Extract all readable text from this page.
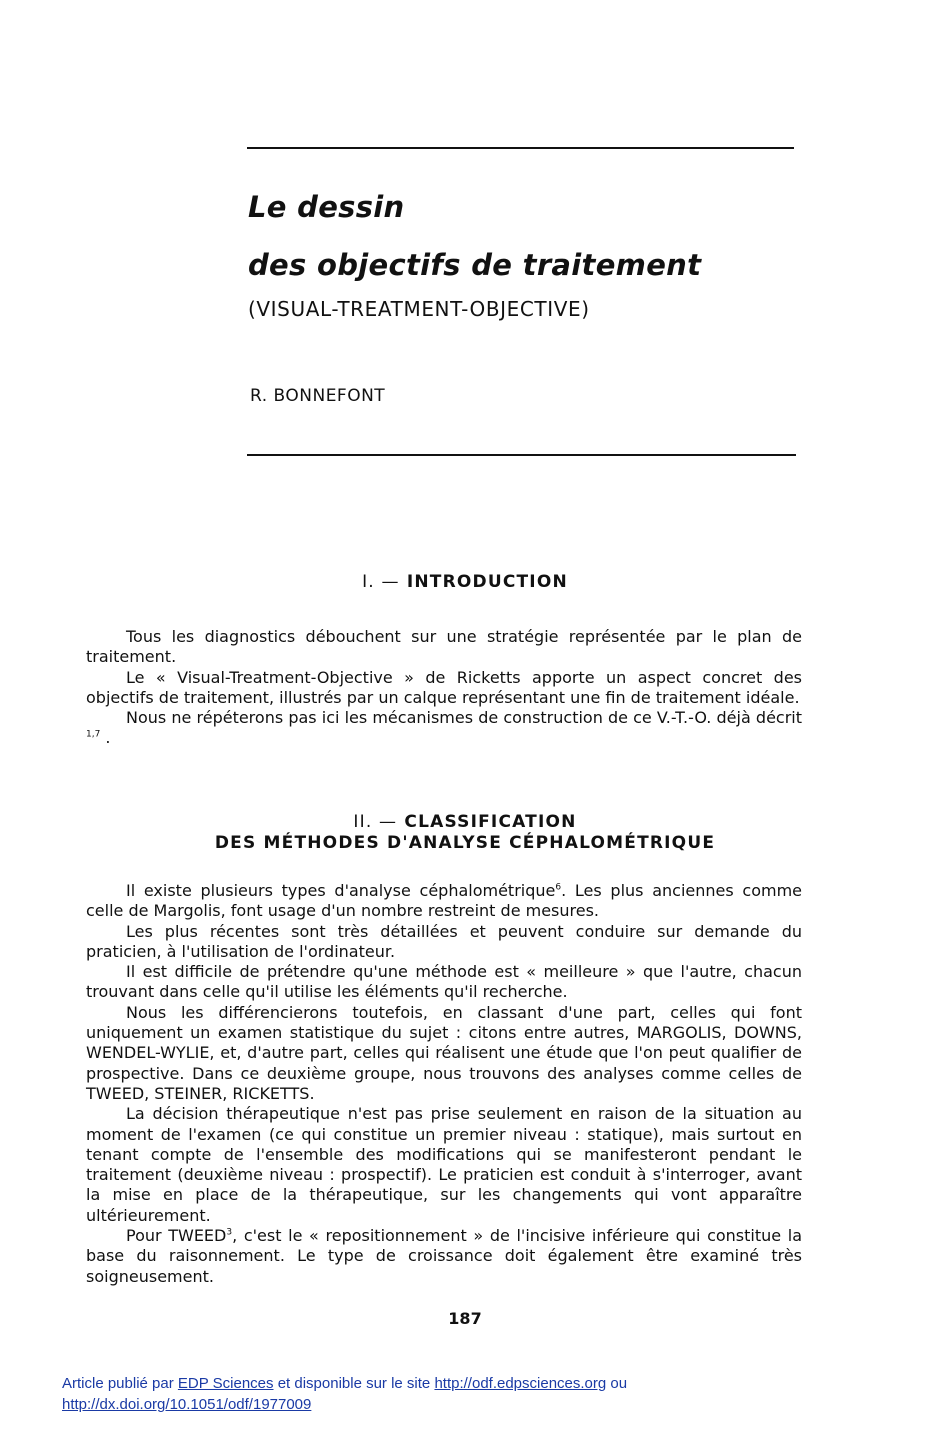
Le dessin
des objectifs de traitement
(VISUAL-TREATMENT-OBJECTIVE)
R. BONNEFONT
I. — INTRODUCTION

Tous les diagnostics débouchent sur une stratégie représentée par le plan de traitement.

Le « Visual-Treatment-Objective » de Ricketts apporte un aspect concret des objectifs de traitement, illustrés par un calque représentant une fin de traitement idéale.

Nous ne répéterons pas ici les mécanismes de construction de ce V.-T.-O. déjà décrit $^{1,7}$ .

II. — CLASSIFICATION
DES MÉTHODES D'ANALYSE CÉPHALOMÉTRIQUE

Il existe plusieurs types d'analyse céphalométrique$^6$. Les plus anciennes comme celle de Margolis, font usage d'un nombre restreint de mesures.

Les plus récentes sont très détaillées et peuvent conduire sur demande du praticien, à l'utilisation de l'ordinateur.

Il est difficile de prétendre qu'une méthode est « meilleure » que l'autre, chacun trouvant dans celle qu'il utilise les éléments qu'il recherche.

Nous les différencierons toutefois, en classant d'une part, celles qui font uniquement un examen statistique du sujet : citons entre autres, MARGOLIS, DOWNS, WENDEL-WYLIE, et, d'autre part, celles qui réalisent une étude que l'on peut qualifier de prospective. Dans ce deuxième groupe, nous trouvons des analyses comme celles de TWEED, STEINER, RICKETTS.

La décision thérapeutique n'est pas prise seulement en raison de la situation au moment de l'examen (ce qui constitue un premier niveau : statique), mais surtout en tenant compte de l'ensemble des modifications qui se manifesteront pendant le traitement (deuxième niveau : prospectif). Le praticien est conduit à s'interroger, avant la mise en place de la thérapeutique, sur les changements qui vont apparaître ultérieurement.

Pour TWEED$^3$, c'est le « repositionnement » de l'incisive inférieure qui constitue la base du raisonnement. Le type de croissance doit également être examiné très soigneusement.

187
Article publié par EDP Sciences et disponible sur le site http://odf.edpsciences.org ou
http://dx.doi.org/10.1051/odf/1977009
